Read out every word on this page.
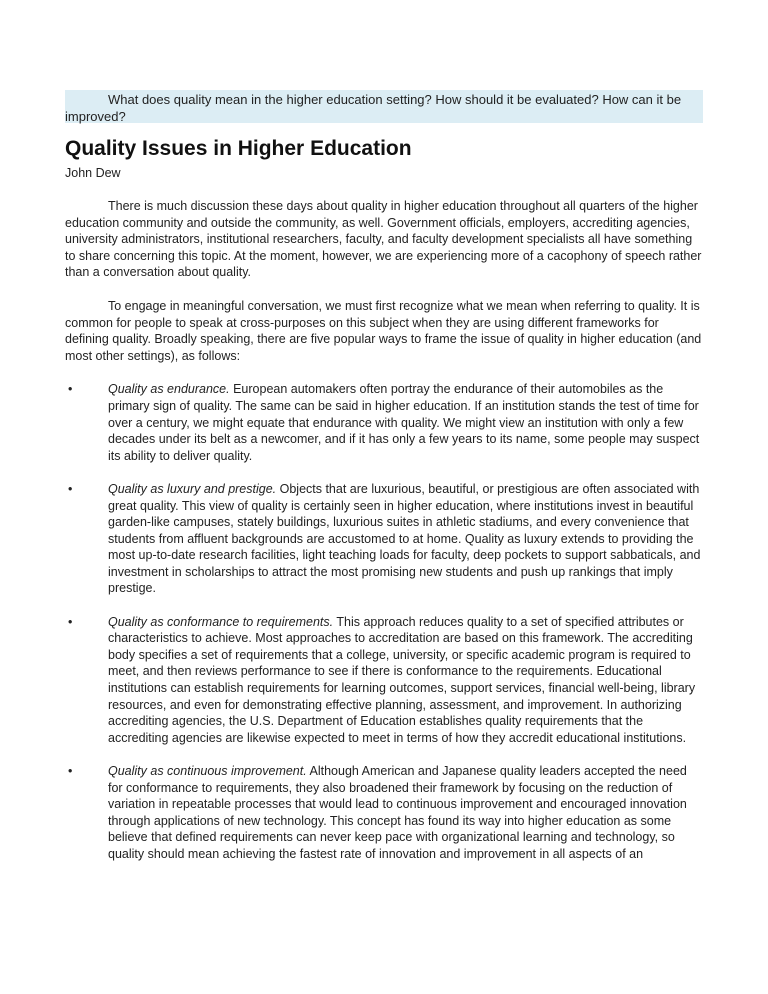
What does quality mean in the higher education setting? How should it be evaluated? How can it be improved?
Quality Issues in Higher Education
John Dew

There is much discussion these days about quality in higher education throughout all quarters of the higher education community and outside the community, as well. Government officials, employers, accrediting agencies, university administrators, institutional researchers, faculty, and faculty development specialists all have something to share concerning this topic. At the moment, however, we are experiencing more of a cacophony of speech rather than a conversation about quality.

To engage in meaningful conversation, we must first recognize what we mean when referring to quality. It is common for people to speak at cross-purposes on this subject when they are using different frameworks for defining quality. Broadly speaking, there are five popular ways to frame the issue of quality in higher education (and most other settings), as follows:

•	Quality as endurance. European automakers often portray the endurance of their automobiles as the primary sign of quality. The same can be said in higher education. If an institution stands the test of time for over a century, we might equate that endurance with quality. We might view an institution with only a few decades under its belt as a newcomer, and if it has only a few years to its name, some people may suspect its ability to deliver quality.
•	Quality as luxury and prestige. Objects that are luxurious, beautiful, or prestigious are often associated with great quality. This view of quality is certainly seen in higher education, where institutions invest in beautiful garden-like campuses, stately buildings, luxurious suites in athletic stadiums, and every convenience that students from affluent backgrounds are accustomed to at home. Quality as luxury extends to providing the most up-to-date research facilities, light teaching loads for faculty, deep pockets to support sabbaticals, and investment in scholarships to attract the most promising new students and push up rankings that imply prestige.
•	Quality as conformance to requirements. This approach reduces quality to a set of specified attributes or characteristics to achieve. Most approaches to accreditation are based on this framework. The accrediting body specifies a set of requirements that a college, university, or specific academic program is required to meet, and then reviews performance to see if there is conformance to the requirements. Educational institutions can establish requirements for learning outcomes, support services, financial well-being, library resources, and even for demonstrating effective planning, assessment, and improvement. In authorizing accrediting agencies, the U.S. Department of Education establishes quality requirements that the accrediting agencies are likewise expected to meet in terms of how they accredit educational institutions.
•	Quality as continuous improvement. Although American and Japanese quality leaders accepted the need for conformance to requirements, they also broadened their framework by focusing on the reduction of variation in repeatable processes that would lead to continuous improvement and encouraged innovation through applications of new technology. This concept has found its way into higher education as some believe that defined requirements can never keep pace with organizational learning and technology, so quality should mean achieving the fastest rate of innovation and improvement in all aspects of an
